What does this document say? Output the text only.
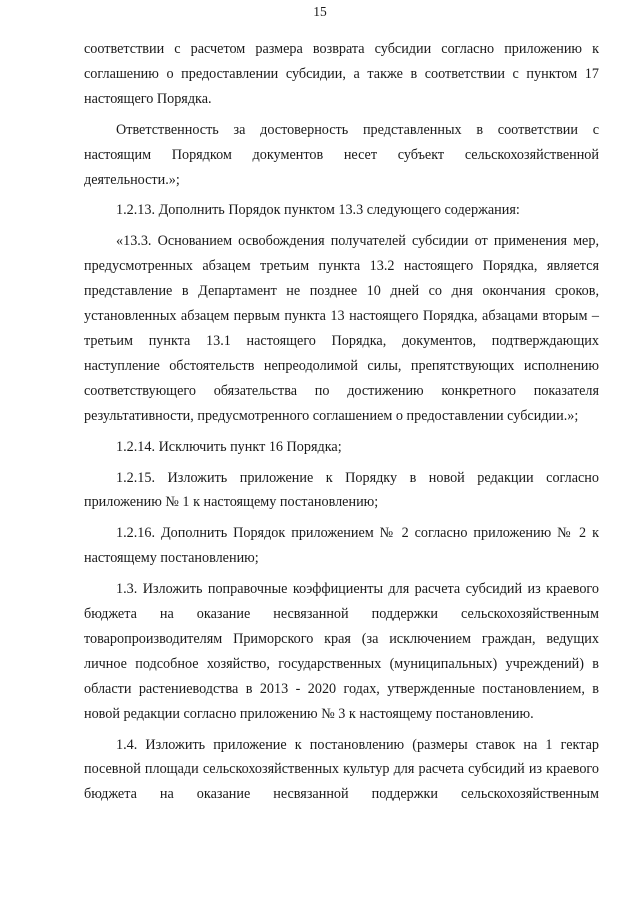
15

соответствии с расчетом размера возврата субсидии согласно приложению к соглашению о предоставлении субсидии, а также в соответствии с пунктом 17 настоящего Порядка.

Ответственность за достоверность представленных в соответствии с настоящим Порядком документов несет субъект сельскохозяйственной деятельности.»;

1.2.13. Дополнить Порядок пунктом 13.3 следующего содержания:

«13.3. Основанием освобождения получателей субсидии от применения мер, предусмотренных абзацем третьим пункта 13.2 настоящего Порядка, является представление в Департамент не позднее 10 дней со дня окончания сроков, установленных абзацем первым пункта 13 настоящего Порядка, абзацами вторым – третьим пункта 13.1 настоящего Порядка, документов, подтверждающих наступление обстоятельств непреодолимой силы, препятствующих исполнению соответствующего обязательства по достижению конкретного показателя результативности, предусмотренного соглашением о предоставлении субсидии.»;

1.2.14. Исключить пункт 16 Порядка;

1.2.15. Изложить приложение к Порядку в новой редакции согласно приложению № 1 к настоящему постановлению;

1.2.16. Дополнить Порядок приложением № 2 согласно приложению № 2 к настоящему постановлению;

1.3. Изложить поправочные коэффициенты для расчета субсидий из краевого бюджета на оказание несвязанной поддержки сельскохозяйственным товаропроизводителям Приморского края (за исключением граждан, ведущих личное подсобное хозяйство, государственных (муниципальных) учреждений) в области растениеводства в 2013 - 2020 годах, утвержденные постановлением, в новой редакции согласно приложению № 3 к настоящему постановлению.

1.4. Изложить приложение к постановлению (размеры ставок на 1 гектар посевной площади сельскохозяйственных культур для расчета субсидий из краевого бюджета на оказание несвязанной поддержки сельскохозяйственным
